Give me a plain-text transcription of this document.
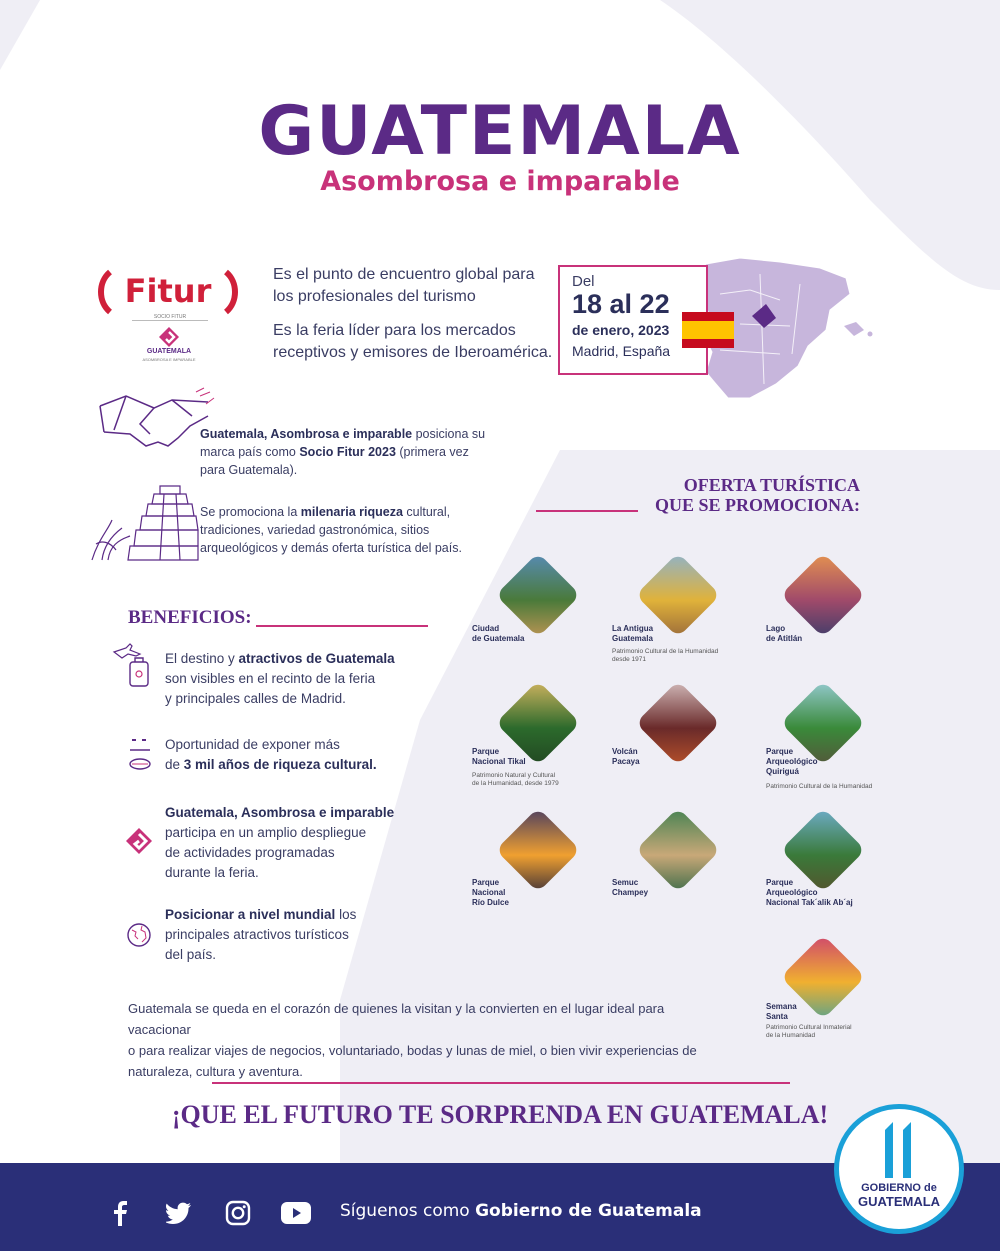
GUATEMALA
Asombrosa e imparable
Fitur
SOCIO FITUR
GUATEMALA
ASOMBROSA E IMPARABLE
Es el punto de encuentro global para
los profesionales del turismo
Es la feria líder para los mercados
receptivos y emisores de Iberoamérica.
Del
18 al 22
de enero, 2023
Madrid, España
Guatemala, Asombrosa e imparable posiciona su
marca país como Socio Fitur 2023 (primera vez
para Guatemala).
Se promociona la milenaria riqueza cultural,
tradiciones, variedad gastronómica, sitios
arqueológicos y demás oferta turística del país.
BENEFICIOS:
El destino y atractivos de Guatemala
son visibles en el recinto de la feria
y principales calles de Madrid.
Oportunidad de exponer más
de 3 mil años de riqueza cultural.
Guatemala, Asombrosa e imparable
participa en un amplio despliegue
de actividades programadas
durante la feria.
Posicionar a nivel mundial los
principales atractivos turísticos
del país.
OFERTA TURÍSTICA
QUE SE PROMOCIONA:
Ciudad
de Guatemala
La Antigua
Guatemala
Patrimonio Cultural de la Humanidad
desde 1971
Lago
de Atitlán
Parque
Nacional Tikal
Patrimonio Natural y Cultural
de la Humanidad, desde 1979
Volcán
Pacaya
Parque
Arqueológico
Quiriguá
Patrimonio Cultural de la Humanidad
Parque
Nacional
Río Dulce
Semuc
Champey
Parque
Arqueológico
Nacional Tak´alik Ab´aj
Semana
Santa
Patrimonio Cultural Inmaterial
de la Humanidad
Guatemala se queda en el corazón de quienes la visitan y la convierten en el lugar ideal para vacacionar
o para realizar viajes de negocios, voluntariado, bodas y lunas de miel, o bien vivir experiencias de
naturaleza, cultura y aventura.
¡QUE EL FUTURO TE SORPRENDA EN GUATEMALA!
Síguenos como Gobierno de Guatemala
GOBIERNO de
GUATEMALA
